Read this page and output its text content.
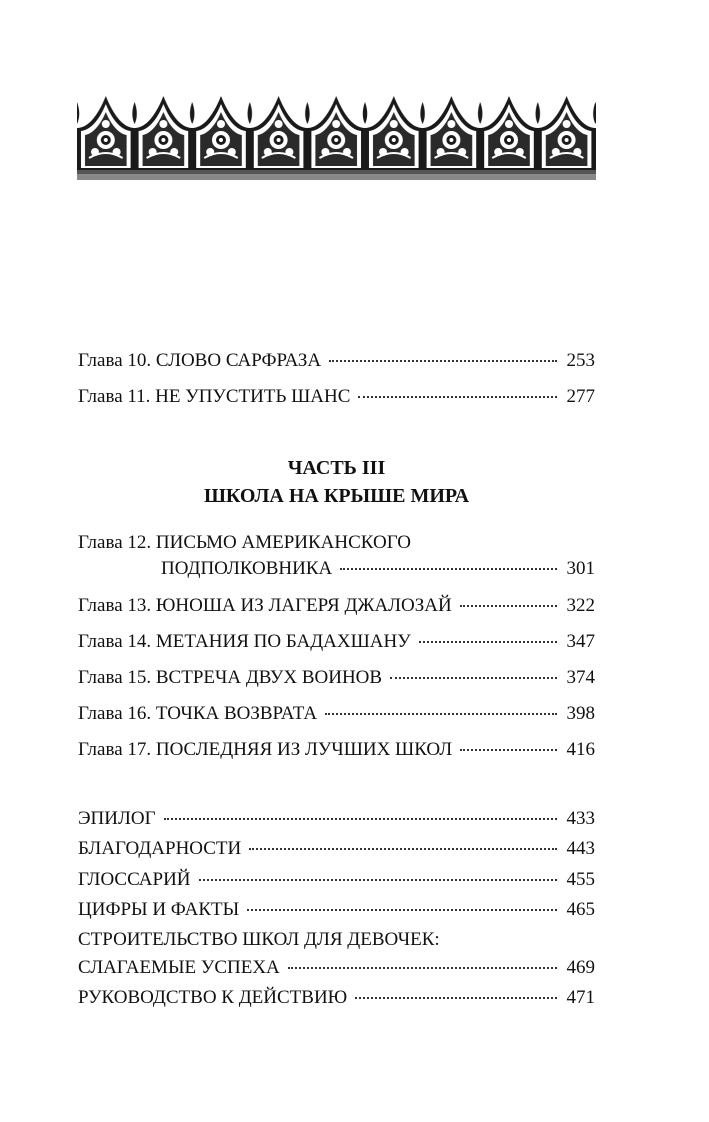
Глава 10. СЛОВО САРФРАЗА	253
Глава 11. НЕ УПУСТИТЬ ШАНС	277
ЧАСТЬ III
ШКОЛА НА КРЫШЕ МИРА
Глава 12. ПИСЬМО АМЕРИКАНСКОГО
ПОДПОЛКОВНИКА	301
Глава 13. ЮНОША ИЗ ЛАГЕРЯ ДЖАЛОЗАЙ	322
Глава 14. МЕТАНИЯ ПО БАДАХШАНУ	347
Глава 15. ВСТРЕЧА ДВУХ ВОИНОВ	374
Глава 16. ТОЧКА ВОЗВРАТА	398
Глава 17. ПОСЛЕДНЯЯ ИЗ ЛУЧШИХ ШКОЛ	416
ЭПИЛОГ	433
БЛАГОДАРНОСТИ	443
ГЛОССАРИЙ	455
ЦИФРЫ И ФАКТЫ	465
СТРОИТЕЛЬСТВО ШКОЛ ДЛЯ ДЕВОЧЕК:
СЛАГАЕМЫЕ УСПЕХА	469
РУКОВОДСТВО К ДЕЙСТВИЮ	471
